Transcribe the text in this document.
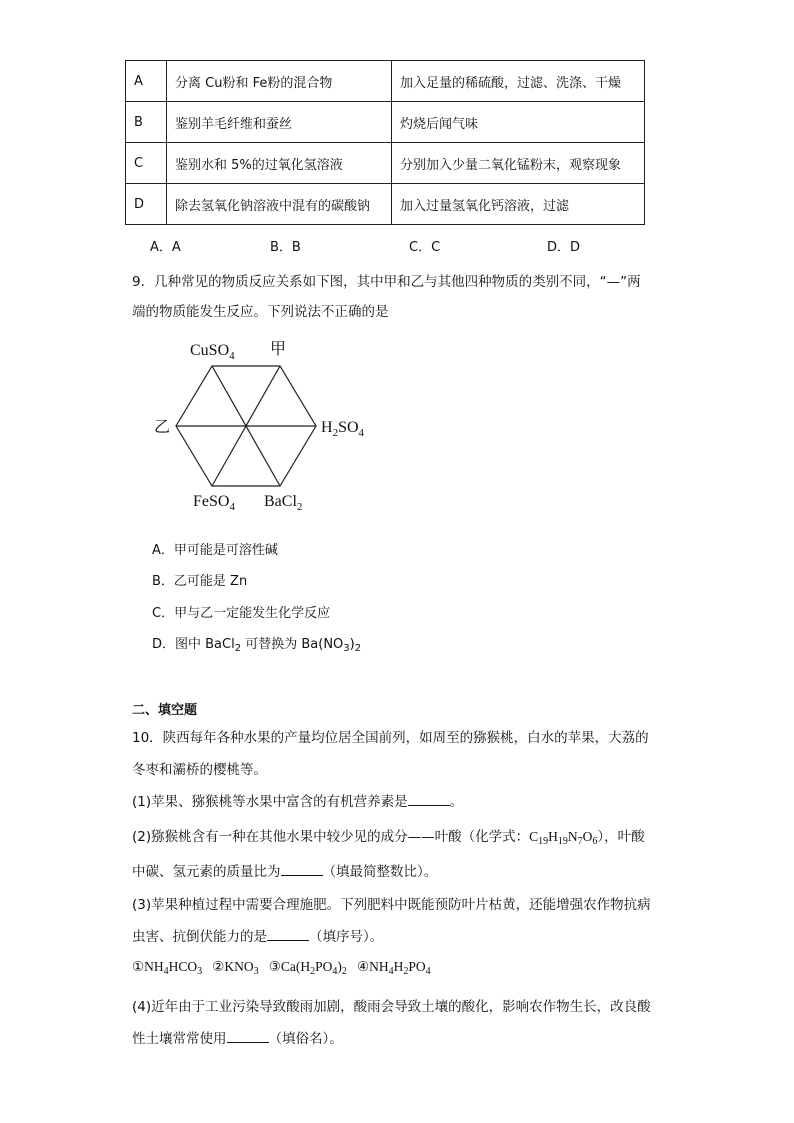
A	分离 Cu粉和 Fe粉的混合物	加入足量的稀硫酸，过滤、洗涤、干燥
B	鉴别羊毛纤维和蚕丝	灼烧后闻气味
C	鉴别水和 5%的过氧化氢溶液	分别加入少量二氧化锰粉末，观察现象
D	除去氢氧化钠溶液中混有的碳酸钠	加入过量氢氧化钙溶液，过滤
A．A	B．B	C．C	D．D
9．几种常见的物质反应关系如下图，其中甲和乙与其他四种物质的类别不同，“—”两
端的物质能发生反应。下列说法不正确的是
CuSO$_4$ 甲
乙	$H_2SO_4$
FeSO$_4$ BaCl$_2$
A．甲可能是可溶性碱
B．乙可能是 Zn
C．甲与乙一定能发生化学反应
D．图中 BaCl$_2$ 可替换为 $Ba(NO_3)_2$
二、填空题
10．陕西每年各种水果的产量均位居全国前列，如周至的猕猴桃，白水的苹果，大荔的
冬枣和灞桥的樱桃等。
(1)苹果、猕猴桃等水果中富含的有机营养素是	。
(2)猕猴桃含有一种在其他水果中较少见的成分——叶酸（化学式：$C_{19}H_{19}N_7O_6$），叶酸
中碳、氢元素的质量比为	（填最简整数比）。
(3)苹果种植过程中需要合理施肥。下列肥料中既能预防叶片枯黄，还能增强农作物抗病
虫害、抗倒伏能力的是	（填序号）。
$①NH_4HCO_3$ $②KNO_3$ $③Ca(H_2PO_4)_2$ $④NH_4H_2PO_4$
(4)近年由于工业污染导致酸雨加剧，酸雨会导致土壤的酸化，影响农作物生长，改良酸
性土壤常常使用	（填俗名）。
